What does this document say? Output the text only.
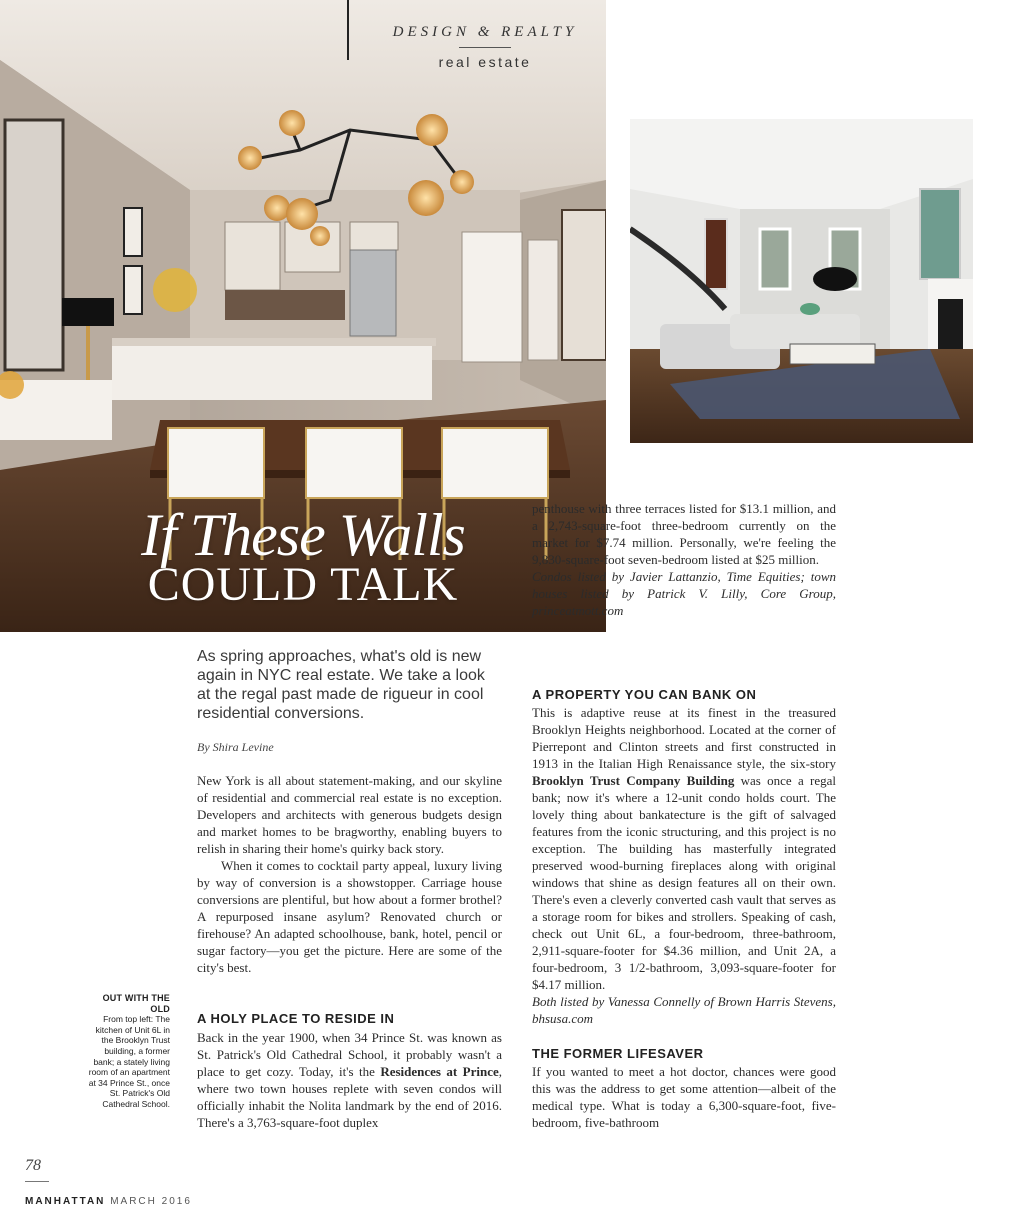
If These Walls
COULD TALK
DESIGN & REALTY
real estate
As spring approaches, what's old is new again in NYC real estate. We take a look at the regal past made de rigueur in cool residential conversions.
By Shira Levine

New York is all about statement-making, and our skyline of residential and commercial real estate is no exception. Developers and architects with generous budgets design and market homes to be bragworthy, enabling buyers to relish in sharing their home's quirky back story.

When it comes to cocktail party appeal, luxury living by way of conversion is a showstopper. Carriage house conversions are plentiful, but how about a former brothel? A repurposed insane asylum? Renovated church or firehouse? An adapted schoolhouse, bank, hotel, pencil or sugar factory—you get the picture. Here are some of the city's best.

A HOLY PLACE TO RESIDE IN

Back in the year 1900, when 34 Prince St. was known as St. Patrick's Old Cathedral School, it probably wasn't a place to get cozy. Today, it's the Residences at Prince, where two town houses replete with seven condos will officially inhabit the Nolita landmark by the end of 2016. There's a 3,763-square-foot duplex

penthouse with three terraces listed for $13.1 million, and a 2,743-square-foot three-bedroom currently on the market for $7.74 million. Personally, we're feeling the 9,830-square-foot seven-bedroom listed at $25 million.

Condos listed by Javier Lattanzio, Time Equities; town houses listed by Patrick V. Lilly, Core Group, princeatmott.com

A PROPERTY YOU CAN BANK ON

This is adaptive reuse at its finest in the treasured Brooklyn Heights neighborhood. Located at the corner of Pierrepont and Clinton streets and first constructed in 1913 in the Italian High Renaissance style, the six-story Brooklyn Trust Company Building was once a regal bank; now it's where a 12-unit condo holds court. The lovely thing about bankatecture is the gift of salvaged features from the iconic structuring, and this project is no exception. The building has masterfully integrated preserved wood-burning fireplaces along with original windows that shine as design features all on their own. There's even a cleverly converted cash vault that serves as a storage room for bikes and strollers. Speaking of cash, check out Unit 6L, a four-bedroom, three-bathroom, 2,911-square-footer for $4.36 million, and Unit 2A, a four-bedroom, 3 1/2-bathroom, 3,093-square-footer for $4.17 million.

Both listed by Vanessa Connelly of Brown Harris Stevens, bhsusa.com

THE FORMER LIFESAVER

If you wanted to meet a hot doctor, chances were good this was the address to get some attention—albeit of the medical type. What is today a 6,300-square-foot, five-bedroom, five-bathroom

OUT WITH THE OLD
From top left: The kitchen of Unit 6L in the Brooklyn Trust building, a former bank; a stately living room of an apartment at 34 Prince St., once St. Patrick's Old Cathedral School.
78
MANHATTAN MARCH 2016
